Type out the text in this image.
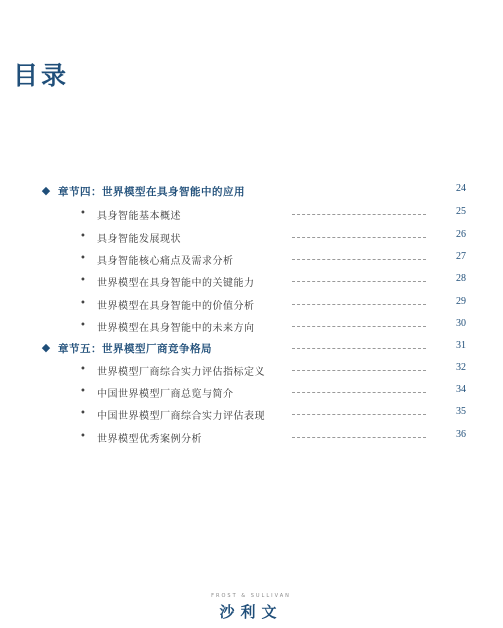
目录
◆ 章节四：世界模型在具身智能中的应用	24
• 具身智能基本概述	25
• 具身智能发展现状	26
• 具身智能核心痛点及需求分析	27
• 世界模型在具身智能中的关键能力	28
• 世界模型在具身智能中的价值分析	29
• 世界模型在具身智能中的未来方向	30
◆ 章节五：世界模型厂商竞争格局	31
• 世界模型厂商综合实力评估指标定义	32
• 中国世界模型厂商总览与简介	34
• 中国世界模型厂商综合实力评估表现	35
• 世界模型优秀案例分析	36
FROST & SULLIVAN
沙利文
